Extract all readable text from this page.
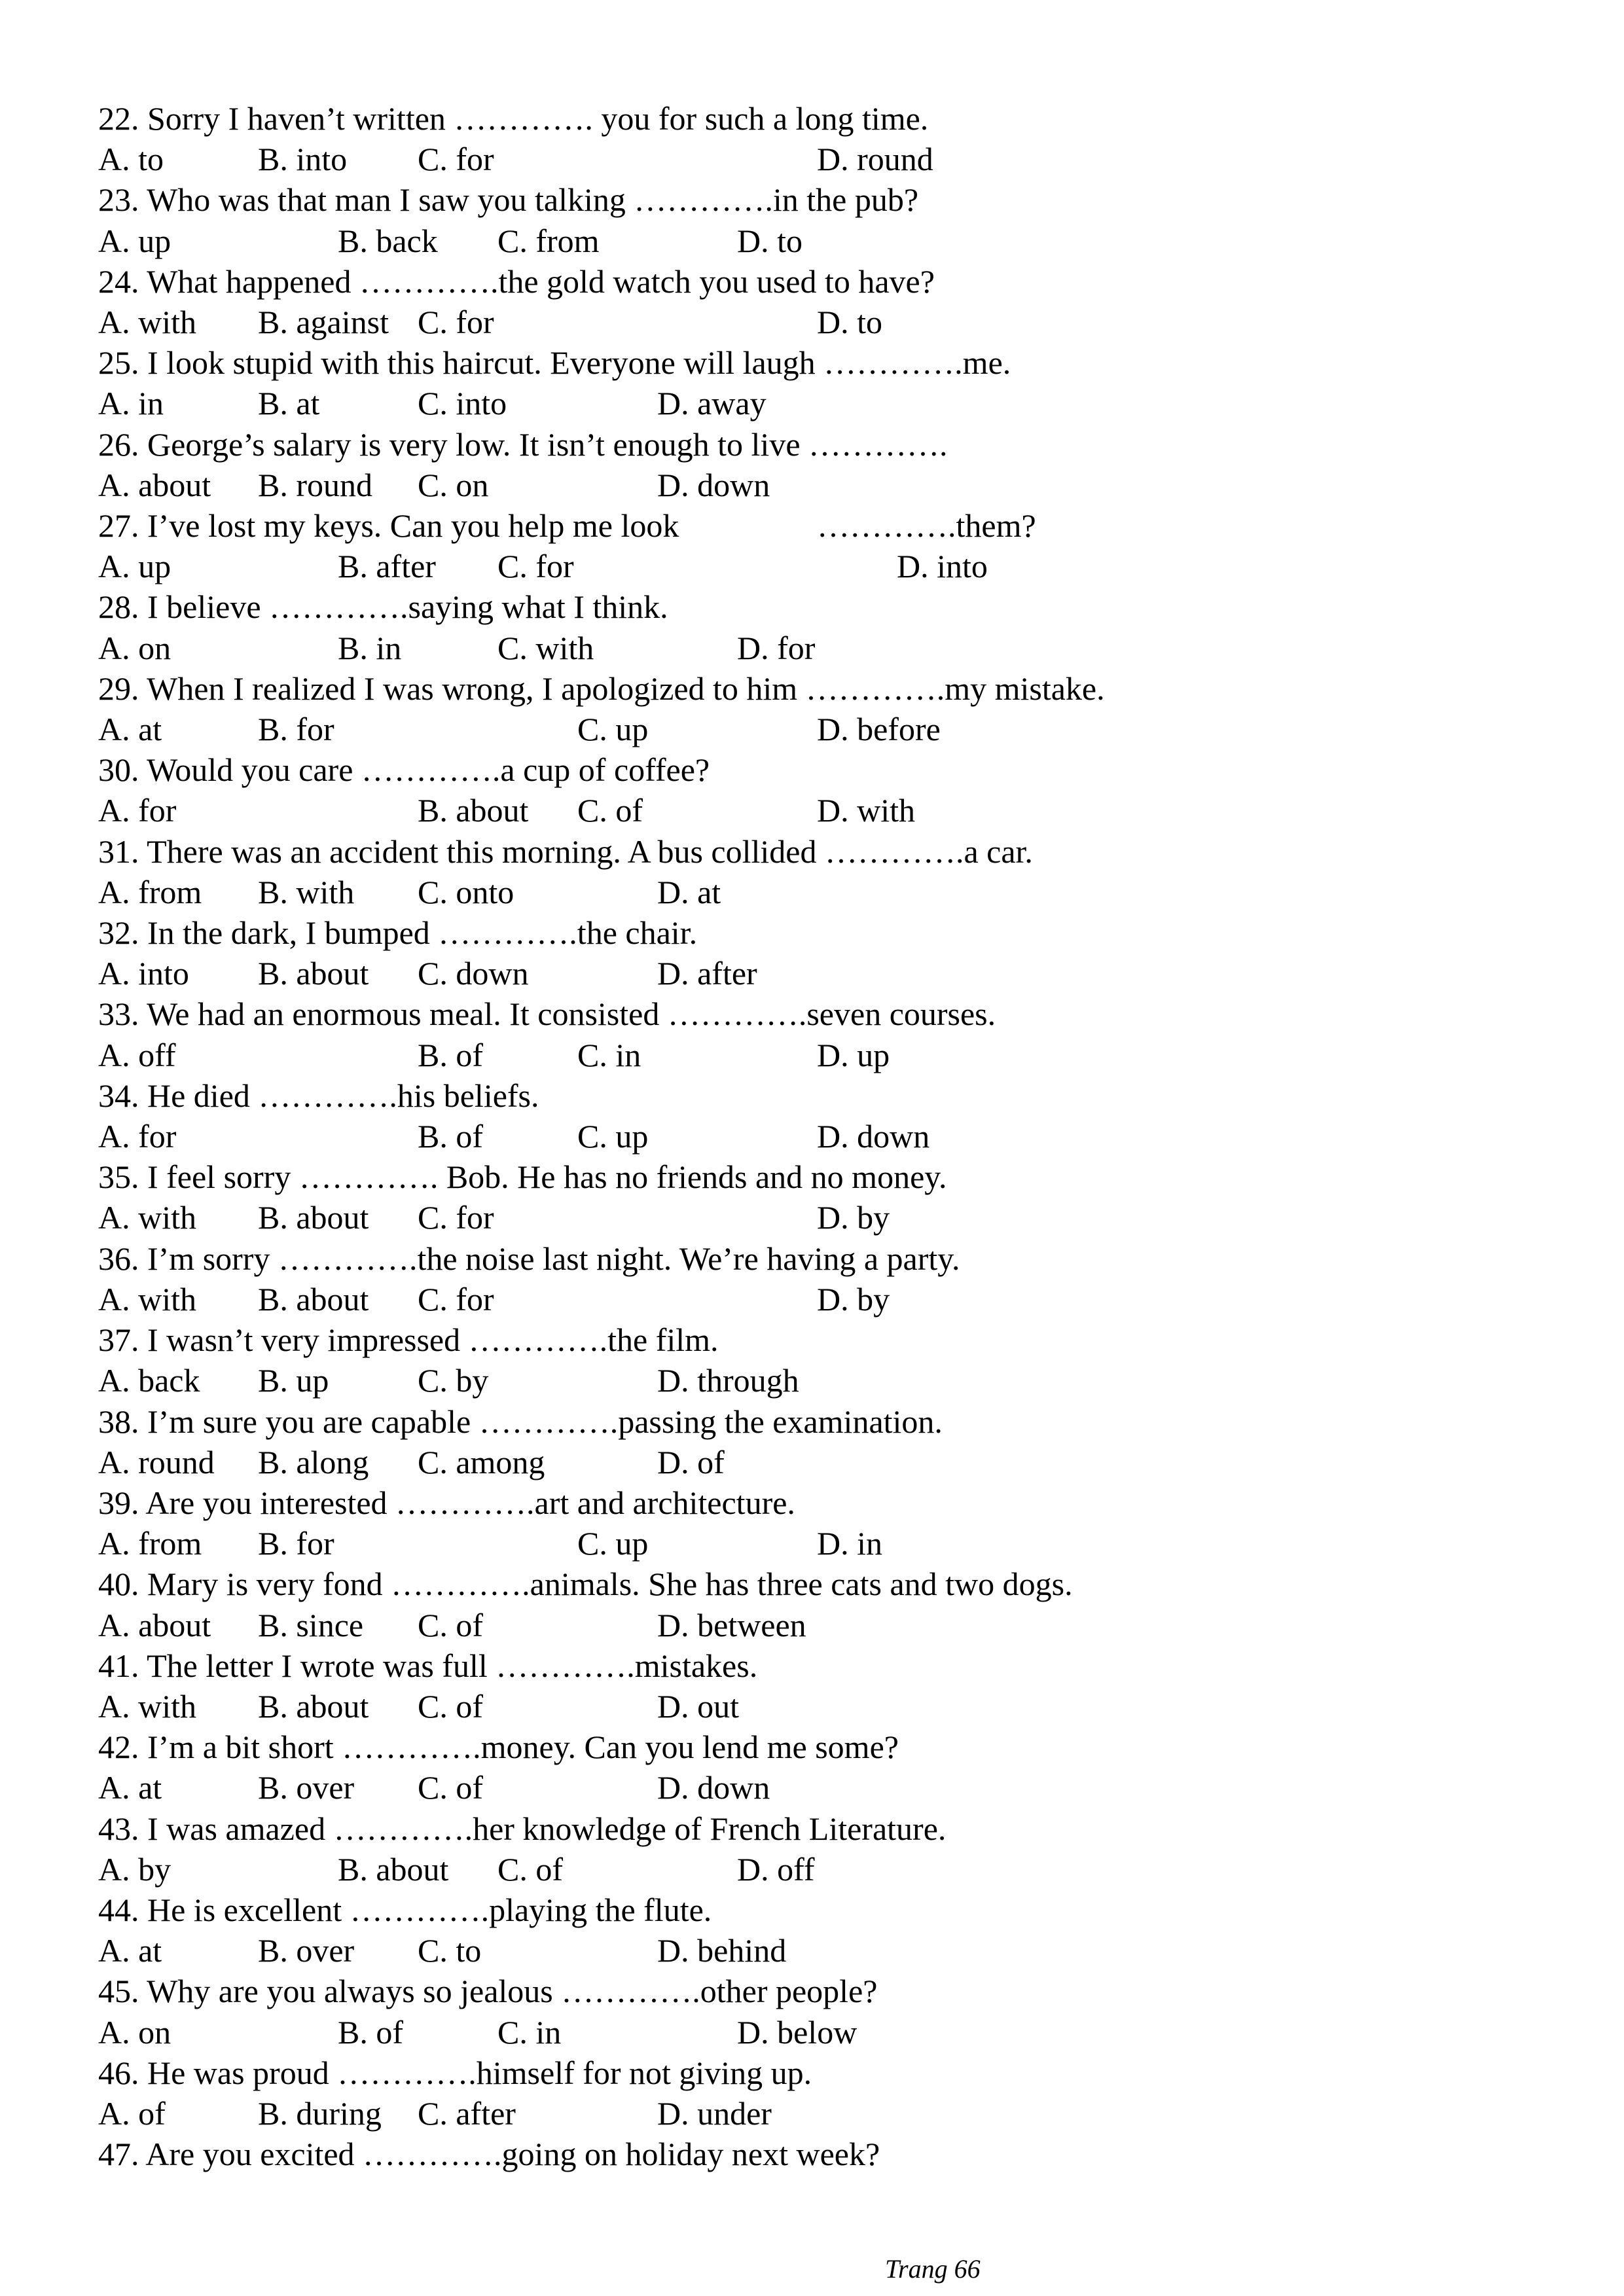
22. Sorry I haven’t written …………. you for such a long time.
A. to		B. into	C. for				D. round
23. Who was that man I saw you talking ………….in the pub?
A. up			B. back	C. from		D. to
24. What happened ………….the gold watch you used to have?
A. with	B. against	C. for				D. to
25. I look stupid with this haircut. Everyone will laugh ………….me.
A. in		B. at		C. into		D. away
26. George’s salary is very low. It isn’t enough to live ………….
A. about	B. round	C. on			D. down
27. I’ve lost my keys. Can you help me look		………….them?
A. up			B. after	C. for				D. into
28. I believe ………….saying what I think.
A. on			B. in		C. with		D. for
29. When I realized I was wrong, I apologized to him ………….my mistake.
A. at		B. for			C. up			D. before
30. Would you care ………….a cup of coffee?
A. for			B. about	C. of			D. with
31. There was an accident this morning. A bus collided ………….a car.
A. from	B. with	C. onto		D. at
32. In the dark, I bumped ………….the chair.
A. into	B. about	C. down		D. after
33. We had an enormous meal. It consisted ………….seven courses.
A. off			B. of		C. in			D. up
34. He died ………….his beliefs.
A. for			B. of		C. up			D. down
35. I feel sorry …………. Bob. He has no friends and no money.
A. with	B. about	C. for				D. by
36. I’m sorry ………….the noise last night. We’re having a party.
A. with	B. about	C. for				D. by
37. I wasn’t very impressed ………….the film.
A. back	B. up		C. by			D. through
38. I’m sure you are capable ………….passing the examination.
A. round	B. along	C. among		D. of
39. Are you interested ………….art and architecture.
A. from	B. for			C. up			D. in
40. Mary is very fond ………….animals. She has three cats and two dogs.
A. about	B. since	C. of			D. between
41. The letter I wrote was full ………….mistakes.
A. with	B. about	C. of			D. out
42. I’m a bit short ………….money. Can you lend me some?
A. at		B. over	C. of			D. down
43. I was amazed ………….her knowledge of French Literature.
A. by			B. about	C. of			D. off
44. He is excellent ………….playing the flute.
A. at		B. over	C. to			D. behind
45. Why are you always so jealous ………….other people?
A. on			B. of		C. in			D. below
46. He was proud ………….himself for not giving up.
A. of		B. during	C. after		D. under
47. Are you excited ………….going on holiday next week?
Trang 66
